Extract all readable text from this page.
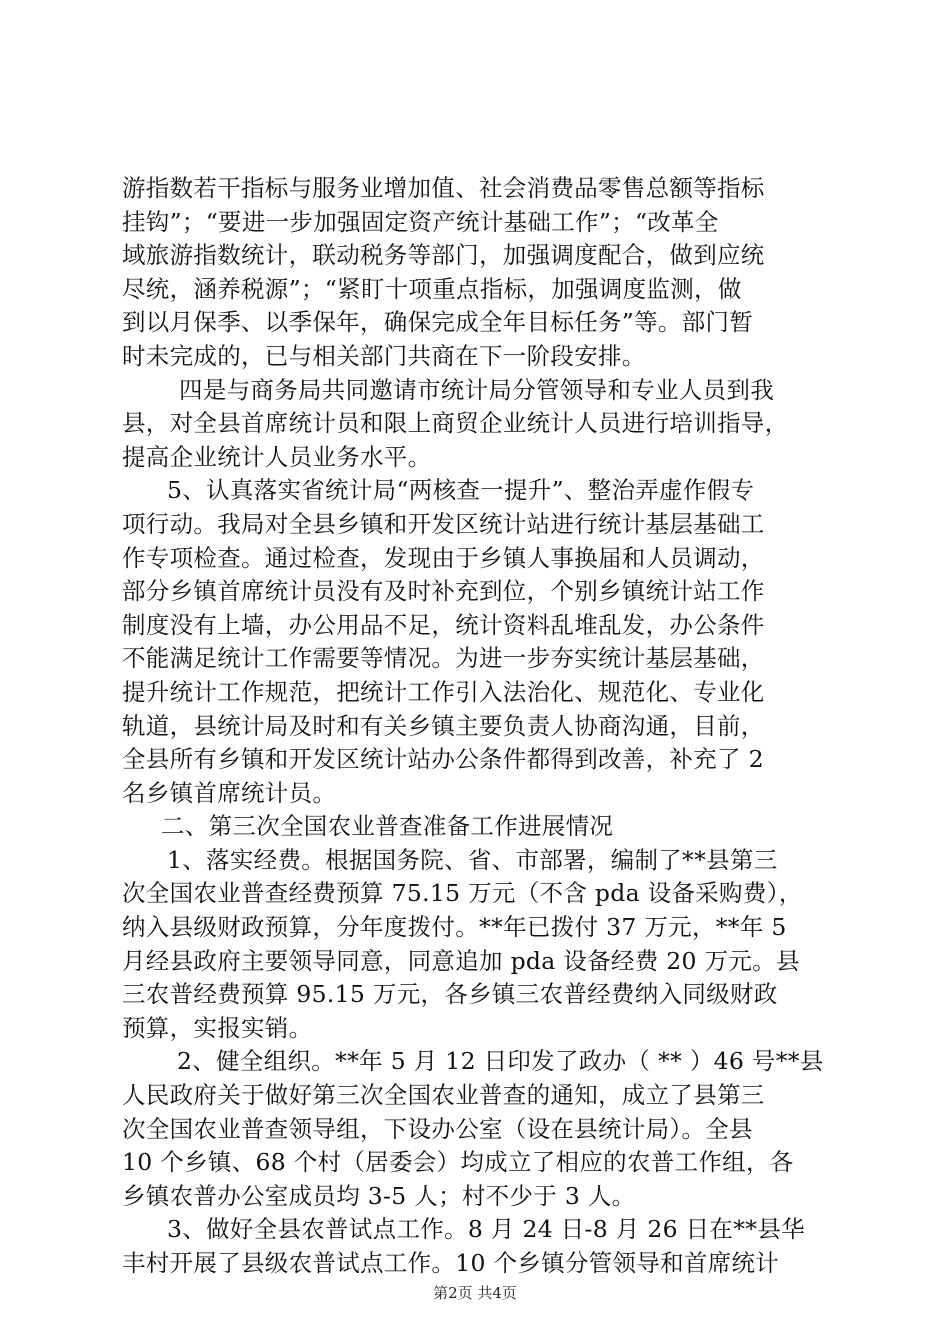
游指数若干指标与服务业增加值、社会消费品零售总额等指标
挂钩”；“要进一步加强固定资产统计基础工作”；“改革全
域旅游指数统计，联动税务等部门，加强调度配合，做到应统
尽统，涵养税源”；“紧盯十项重点指标，加强调度监测，做
到以月保季、以季保年，确保完成全年目标任务”等。部门暂
时未完成的，已与相关部门共商在下一阶段安排。
四是与商务局共同邀请市统计局分管领导和专业人员到我
县，对全县首席统计员和限上商贸企业统计人员进行培训指导，
提高企业统计人员业务水平。
5、认真落实省统计局“两核查一提升”、整治弄虚作假专
项行动。我局对全县乡镇和开发区统计站进行统计基层基础工
作专项检查。通过检查，发现由于乡镇人事换届和人员调动，
部分乡镇首席统计员没有及时补充到位，个别乡镇统计站工作
制度没有上墙，办公用品不足，统计资料乱堆乱发，办公条件
不能满足统计工作需要等情况。为进一步夯实统计基层基础，
提升统计工作规范，把统计工作引入法治化、规范化、专业化
轨道，县统计局及时和有关乡镇主要负责人协商沟通，目前，
全县所有乡镇和开发区统计站办公条件都得到改善，补充了 2
名乡镇首席统计员。
二、第三次全国农业普查准备工作进展情况
1、落实经费。根据国务院、省、市部署，编制了**县第三
次全国农业普查经费预算 75.15 万元（不含 pda 设备采购费），
纳入县级财政预算，分年度拨付。**年已拨付 37 万元，**年 5
月经县政府主要领导同意，同意追加 pda 设备经费 20 万元。县
三农普经费预算 95.15 万元，各乡镇三农普经费纳入同级财政
预算，实报实销。
2、健全组织。**年 5 月 12 日印发了政办（ ** ）46 号**县
人民政府关于做好第三次全国农业普查的通知，成立了县第三
次全国农业普查领导组，下设办公室（设在县统计局）。全县
10 个乡镇、68 个村（居委会）均成立了相应的农普工作组，各
乡镇农普办公室成员均 3-5 人；村不少于 3 人。
3、做好全县农普试点工作。8 月 24 日-8 月 26 日在**县华
丰村开展了县级农普试点工作。10 个乡镇分管领导和首席统计
第2页 共4页
